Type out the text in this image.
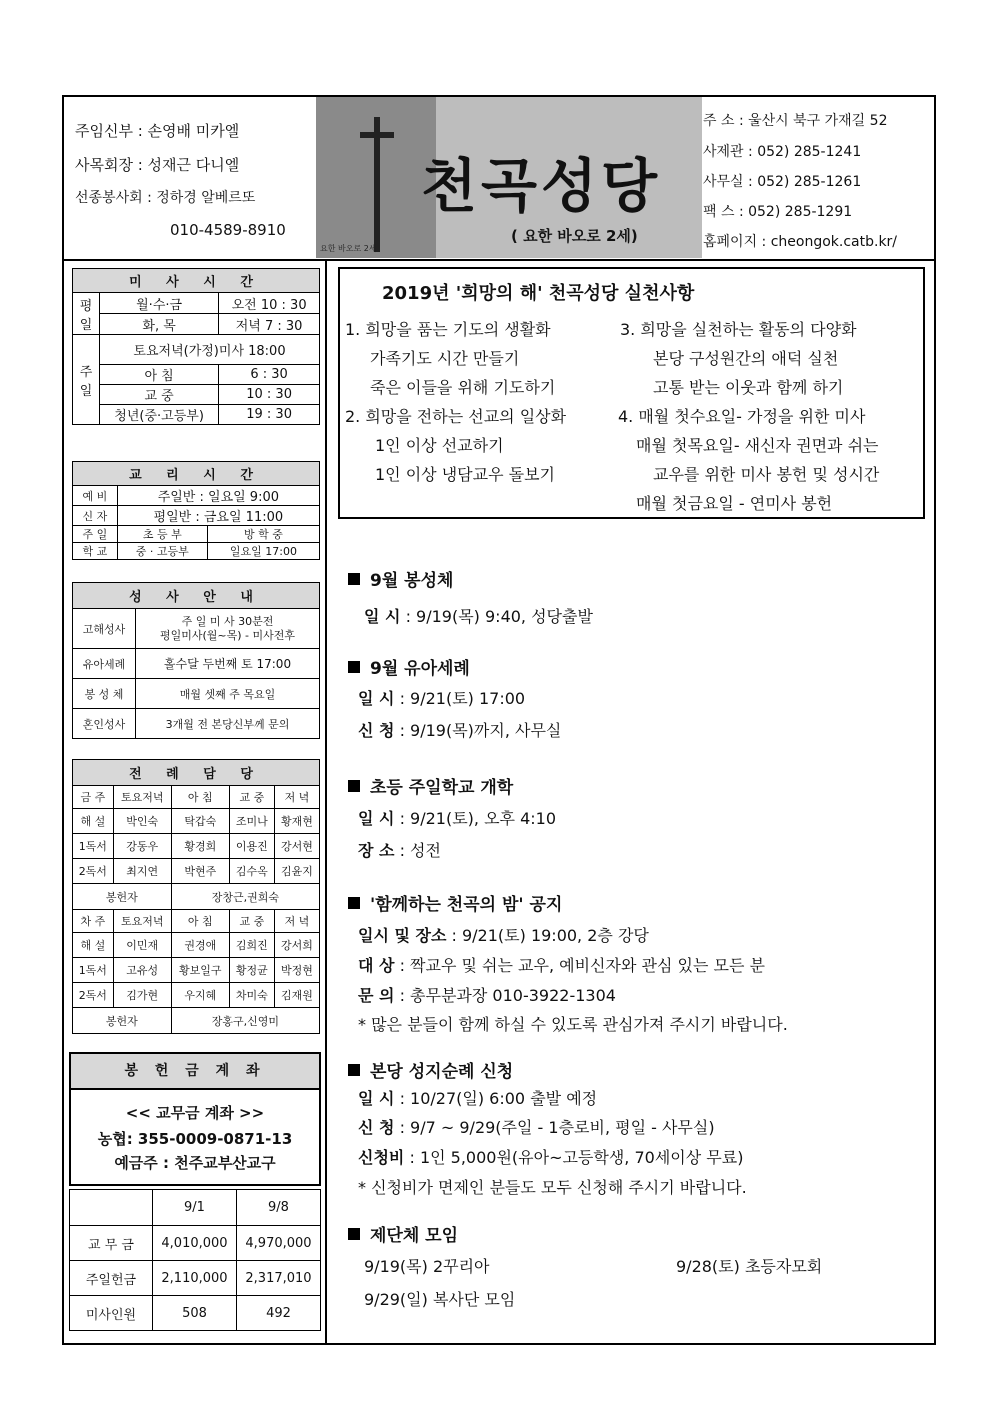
주임신부 : 손영배 미카엘
사목회장 : 성재근 다니엘
선종봉사회 : 정하경 알베르또
010-4589-8910
천곡성당
( 요한 바오로 2세)
요한 바오로 2세
주 소 : 울산시 북구 가재길 52
사제관 : 052) 285-1241
사무실 : 052) 285-1261
팩 스 : 052) 285-1291
홈페이지 : cheongok.catb.kr/
미 사 시 간		
평일	월·수·금	오전 10 : 30
	화, 목	저녁 7 : 30
주일	토요저녁(가정)미사 18:00	
	아 침	6 : 30
	교 중	10 : 30
	청년(중·고등부)	19 : 30
교 리 시 간		
예 비	주일반 : 일요일 9:00	
신 자	평일반 : 금요일 11:00	
주 일	초 등 부	방 학 중
학 교	중 · 고등부	일요일 17:00
성 사 안 내	
고해성사	주 일 미 사 30분전
평일미사(월~목) - 미사전후

유아세례	홀수달 두번째 토 17:00
봉 성 체	매월 셋째 주 목요일
혼인성사	3개월 전 본당신부께 문의
전 례 담 당				
금 주	토요저녁	아 침	교 중	저 녁
해 설	박인숙	탁갑숙	조미나	황재현
1독서	강동우	황경희	이용진	강서현
2독서	최지연	박현주	김수옥	김윤지
봉헌자		장창근,권희숙		
차 주	토요저녁	아 침	교 중	저 녁
해 설	이민재	권경애	김희진	강서희
1독서	고유성	황보일구	황정균	박정현
2독서	김가현	우지혜	차미숙	김재원
봉헌자		장홍구,신영미		
봉 헌 금 계 좌
<< 교무금 계좌 >>
농협: 355-0009-0871-13
예금주 : 천주교부산교구
	9/1	9/8
교 무 금	4,010,000	4,970,000
주일헌금	2,110,000	2,317,010
미사인원	508	492
2019년 '희망의 해' 천곡성당 실천사항
1. 희망을 품는 기도의 생활화
가족기도 시간 만들기
죽은 이들을 위해 기도하기
2. 희망을 전하는 선교의 일상화
1인 이상 선교하기
1인 이상 냉담교우 돌보기
3. 희망을 실천하는 활동의 다양화
본당 구성원간의 애덕 실천
고통 받는 이웃과 함께 하기
4. 매월 첫수요일- 가정을 위한 미사
매월 첫목요일- 새신자 권면과 쉬는
교우를 위한 미사 봉헌 및 성시간
매월 첫금요일 - 연미사 봉헌
9월 봉성체
일 시 : 9/19(목) 9:40, 성당출발
9월 유아세례
일 시 : 9/21(토) 17:00
신 청 : 9/19(목)까지, 사무실
초등 주일학교 개학
일 시 : 9/21(토), 오후 4:10
장 소 : 성전
'함께하는 천곡의 밤' 공지
일시 및 장소 : 9/21(토) 19:00, 2층 강당
대 상 : 짝교우 및 쉬는 교우, 예비신자와 관심 있는 모든 분
문 의 : 총무분과장 010-3922-1304
* 많은 분들이 함께 하실 수 있도록 관심가져 주시기 바랍니다.
본당 성지순례 신청
일 시 : 10/27(일) 6:00 출발 예정
신 청 : 9/7 ~ 9/29(주일 - 1층로비, 평일 - 사무실)
신청비 : 1인 5,000원(유아~고등학생, 70세이상 무료)
* 신청비가 면제인 분들도 모두 신청해 주시기 바랍니다.
제단체 모임
9/19(목) 2꾸리아	9/28(토) 초등자모회
9/29(일) 복사단 모임
